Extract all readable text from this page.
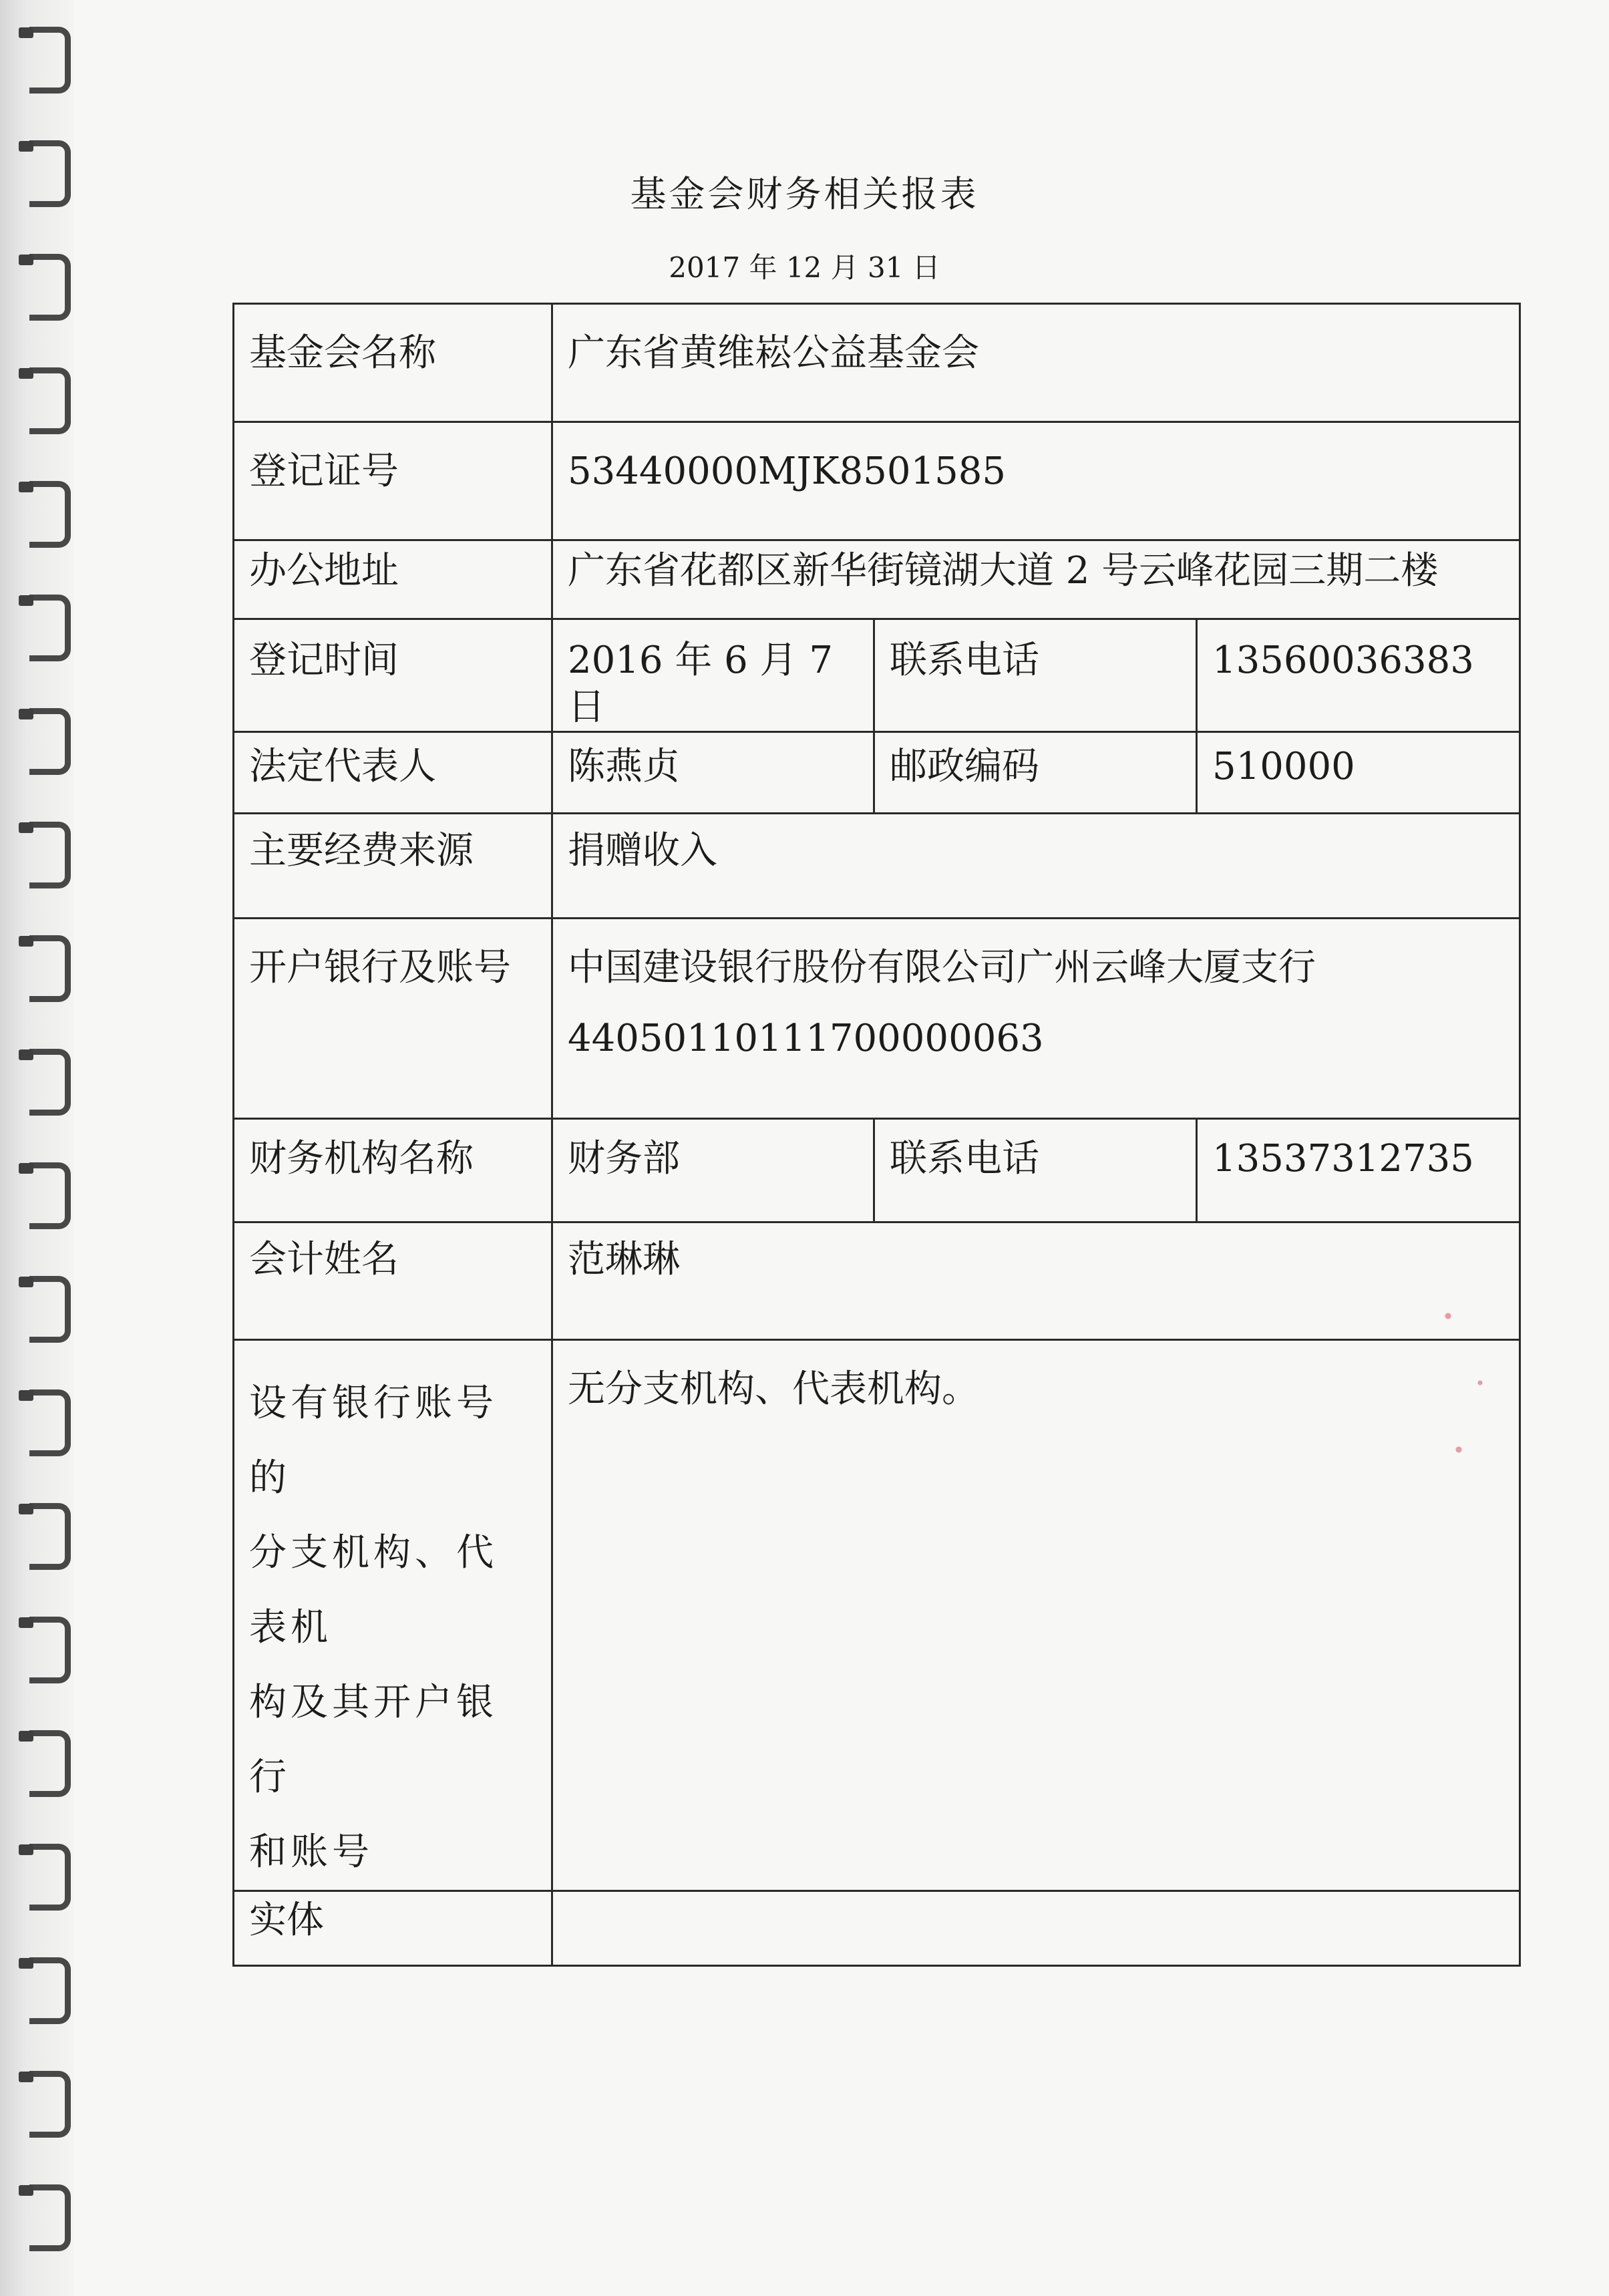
基金会财务相关报表
2017 年 12 月 31 日
基金会名称	广东省黄维崧公益基金会		
登记证号	53440000MJK8501585		
办公地址	广东省花都区新华街镜湖大道 2 号云峰花园三期二楼		
登记时间	2016 年 6 月 7 日	联系电话	13560036383
法定代表人	陈燕贞	邮政编码	510000
主要经费来源	捐赠收入		
开户银行及账号	中国建设银行股份有限公司广州云峰大厦支行
44050110111700000063		

财务机构名称	财务部	联系电话	13537312735
会计姓名	范琳琳		

设有银行账号的
分支机构、代表机
构及其开户银行
和账号	无分支机构、代表机构。		
实体			
